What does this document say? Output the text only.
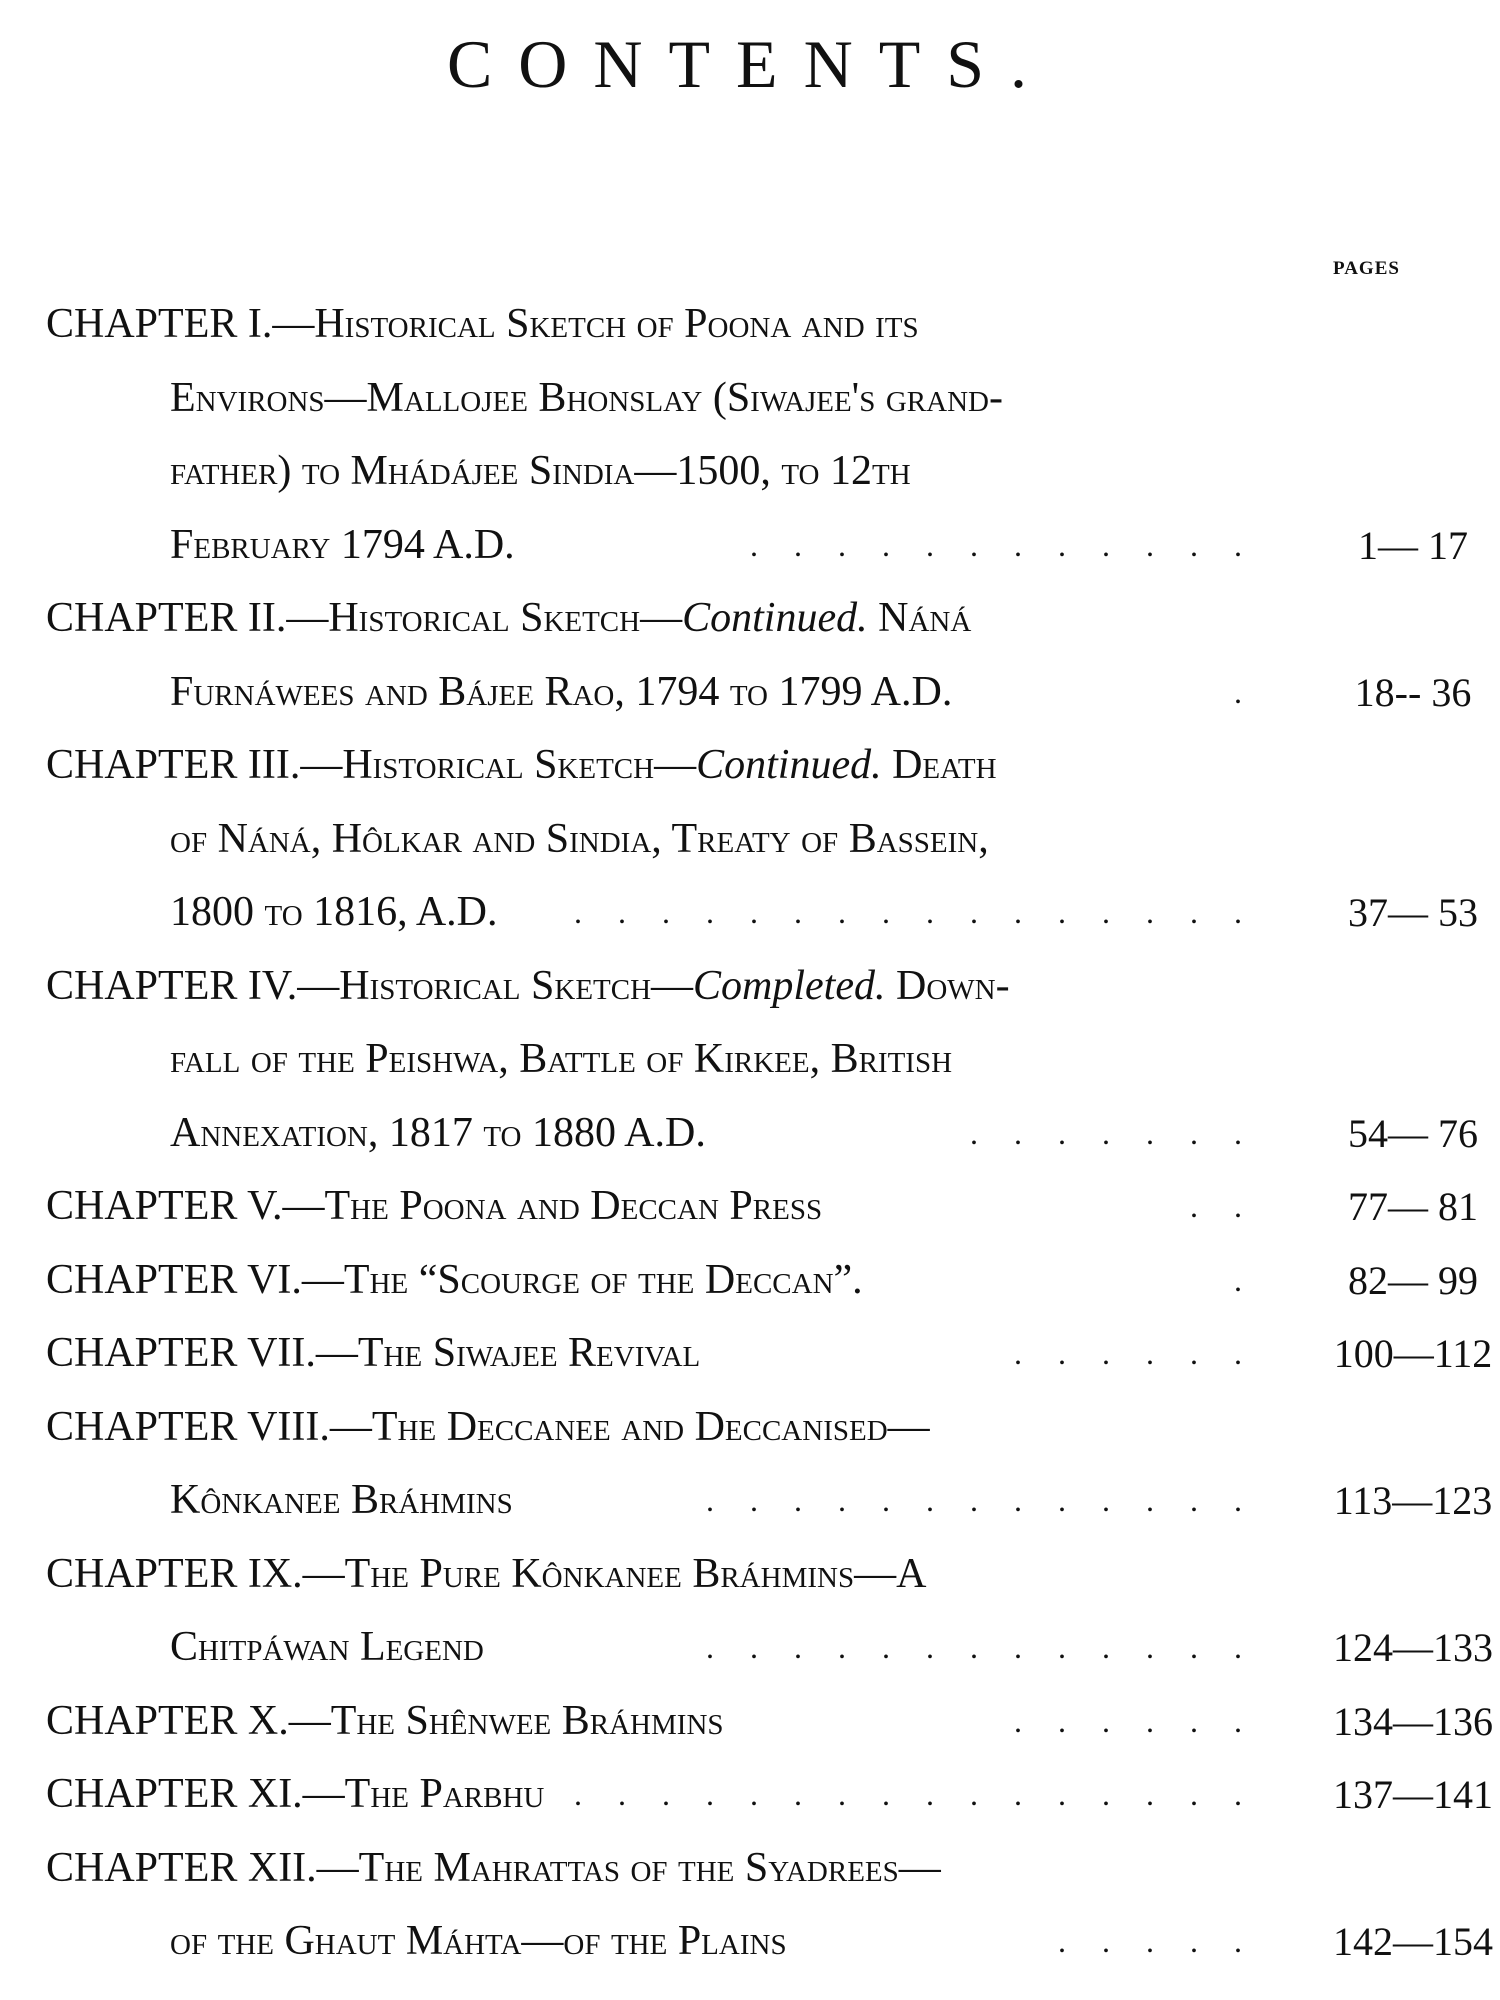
CONTENTS.
PAGES
CHAPTER I.—Historical Sketch of Poona and its
Environs—Mallojee Bhonslay (Siwajee's grand-
father) to Mhádájee Sindia—1500, to 12th
February 1794 A.D.	. . . . . . . . . . . .	1— 17
CHAPTER II.—Historical Sketch—Continued. Náná
Furnáwees and Bájee Rao, 1794 to 1799 A.D.	.	18-- 36
CHAPTER III.—Historical Sketch—Continued. Death
of Náná, Hôlkar and Sindia, Treaty of Bassein,
1800 to 1816, A.D. . . . . . . . . . . . . . . . .	37— 53
CHAPTER IV.—Historical Sketch—Completed. Down-
fall of the Peishwa, Battle of Kirkee, British
Annexation, 1817 to 1880 A.D.	. . . . . . .	54— 76
CHAPTER V.—The Poona and Deccan Press	. .	77— 81
CHAPTER VI.—The “Scourge of the Deccan”.	.	82— 99
CHAPTER VII.—The Siwajee Revival	. . . . . .	100—112
CHAPTER VIII.—The Deccanee and Deccanised—
Kônkanee Bráhmins	. . . . . . . . . . . . .	113—123
CHAPTER IX.—The Pure Kônkanee Bráhmins—A
Chitpáwan Legend	. . . . . . . . . . . . .	124—133
CHAPTER X.—The Shênwee Bráhmins	. . . . . .	134—136
CHAPTER XI.—The Parbhu . . . . . . . . . . . . . . . .	137—141
CHAPTER XII.—The Mahrattas of the Syadrees—
of the Ghaut Máhta—of the Plains	. . . . .	142—154
